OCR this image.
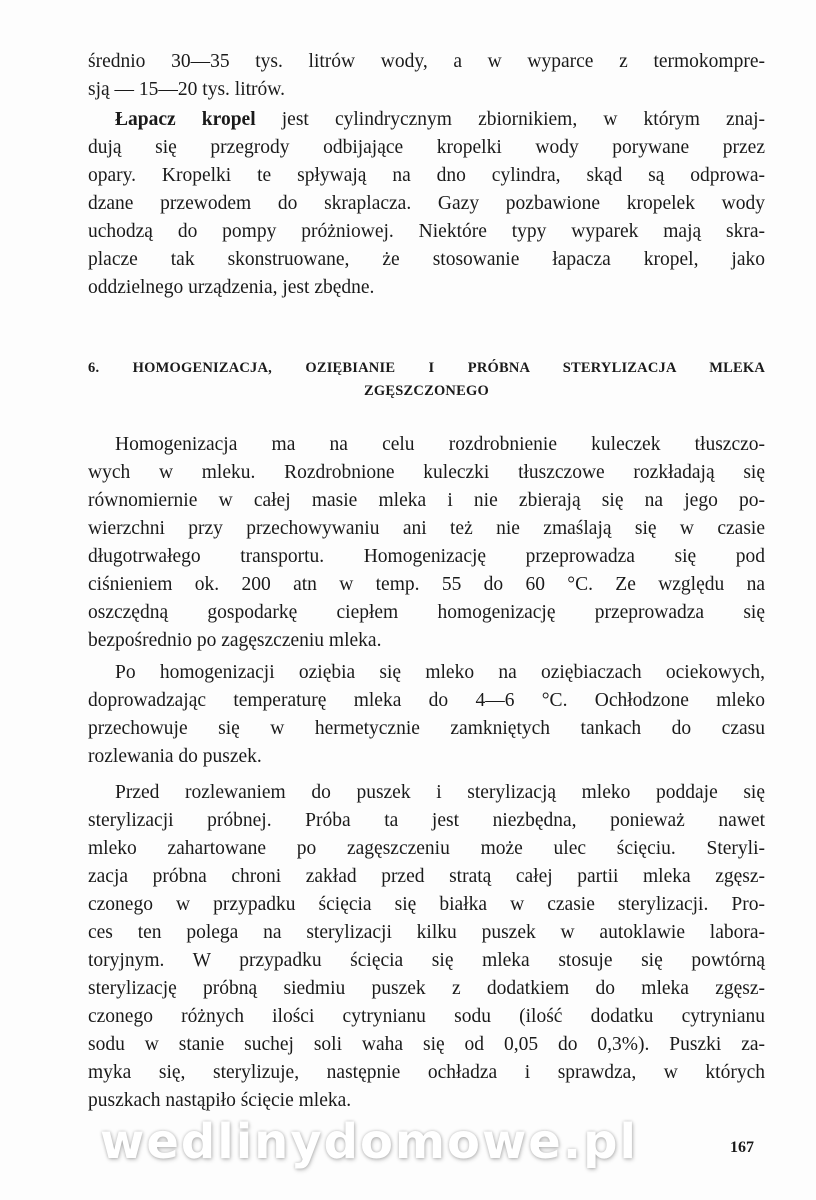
średnio 30—35 tys. litrów wody, a w wyparce z termokompre-
sją — 15—20 tys. litrów.
Łapacz kropel jest cylindrycznym zbiornikiem, w którym znaj-
dują się przegrody odbijające kropelki wody porywane przez
opary. Kropelki te spływają na dno cylindra, skąd są odprowa-
dzane przewodem do skraplacza. Gazy pozbawione kropelek wody
uchodzą do pompy próżniowej. Niektóre typy wyparek mają skra-
placze tak skonstruowane, że stosowanie łapacza kropel, jako
oddzielnego urządzenia, jest zbędne.
6. HOMOGENIZACJA, OZIĘBIANIE I PRÓBNA STERYLIZACJA MLEKA
ZGĘSZCZONEGO
Homogenizacja ma na celu rozdrobnienie kuleczek tłuszczo-
wych w mleku. Rozdrobnione kuleczki tłuszczowe rozkładają się
równomiernie w całej masie mleka i nie zbierają się na jego po-
wierzchni przy przechowywaniu ani też nie zmaślają się w czasie
długotrwałego transportu. Homogenizację przeprowadza się pod
ciśnieniem ok. 200 atn w temp. 55 do 60 °C. Ze względu na
oszczędną gospodarkę ciepłem homogenizację przeprowadza się
bezpośrednio po zagęszczeniu mleka.
Po homogenizacji oziębia się mleko na oziębiaczach ociekowych,
doprowadzając temperaturę mleka do 4—6 °C. Ochłodzone mleko
przechowuje się w hermetycznie zamkniętych tankach do czasu
rozlewania do puszek.
Przed rozlewaniem do puszek i sterylizacją mleko poddaje się
sterylizacji próbnej. Próba ta jest niezbędna, ponieważ nawet
mleko zahartowane po zagęszczeniu może ulec ścięciu. Steryli-
zacja próbna chroni zakład przed stratą całej partii mleka zgęsz-
czonego w przypadku ścięcia się białka w czasie sterylizacji. Pro-
ces ten polega na sterylizacji kilku puszek w autoklawie labora-
toryjnym. W przypadku ścięcia się mleka stosuje się powtórną
sterylizację próbną siedmiu puszek z dodatkiem do mleka zgęsz-
czonego różnych ilości cytrynianu sodu (ilość dodatku cytrynianu
sodu w stanie suchej soli waha się od 0,05 do 0,3%). Puszki za-
myka się, sterylizuje, następnie ochładza i sprawdza, w których
puszkach nastąpiło ścięcie mleka.
wedlinydomowe.pl	167
